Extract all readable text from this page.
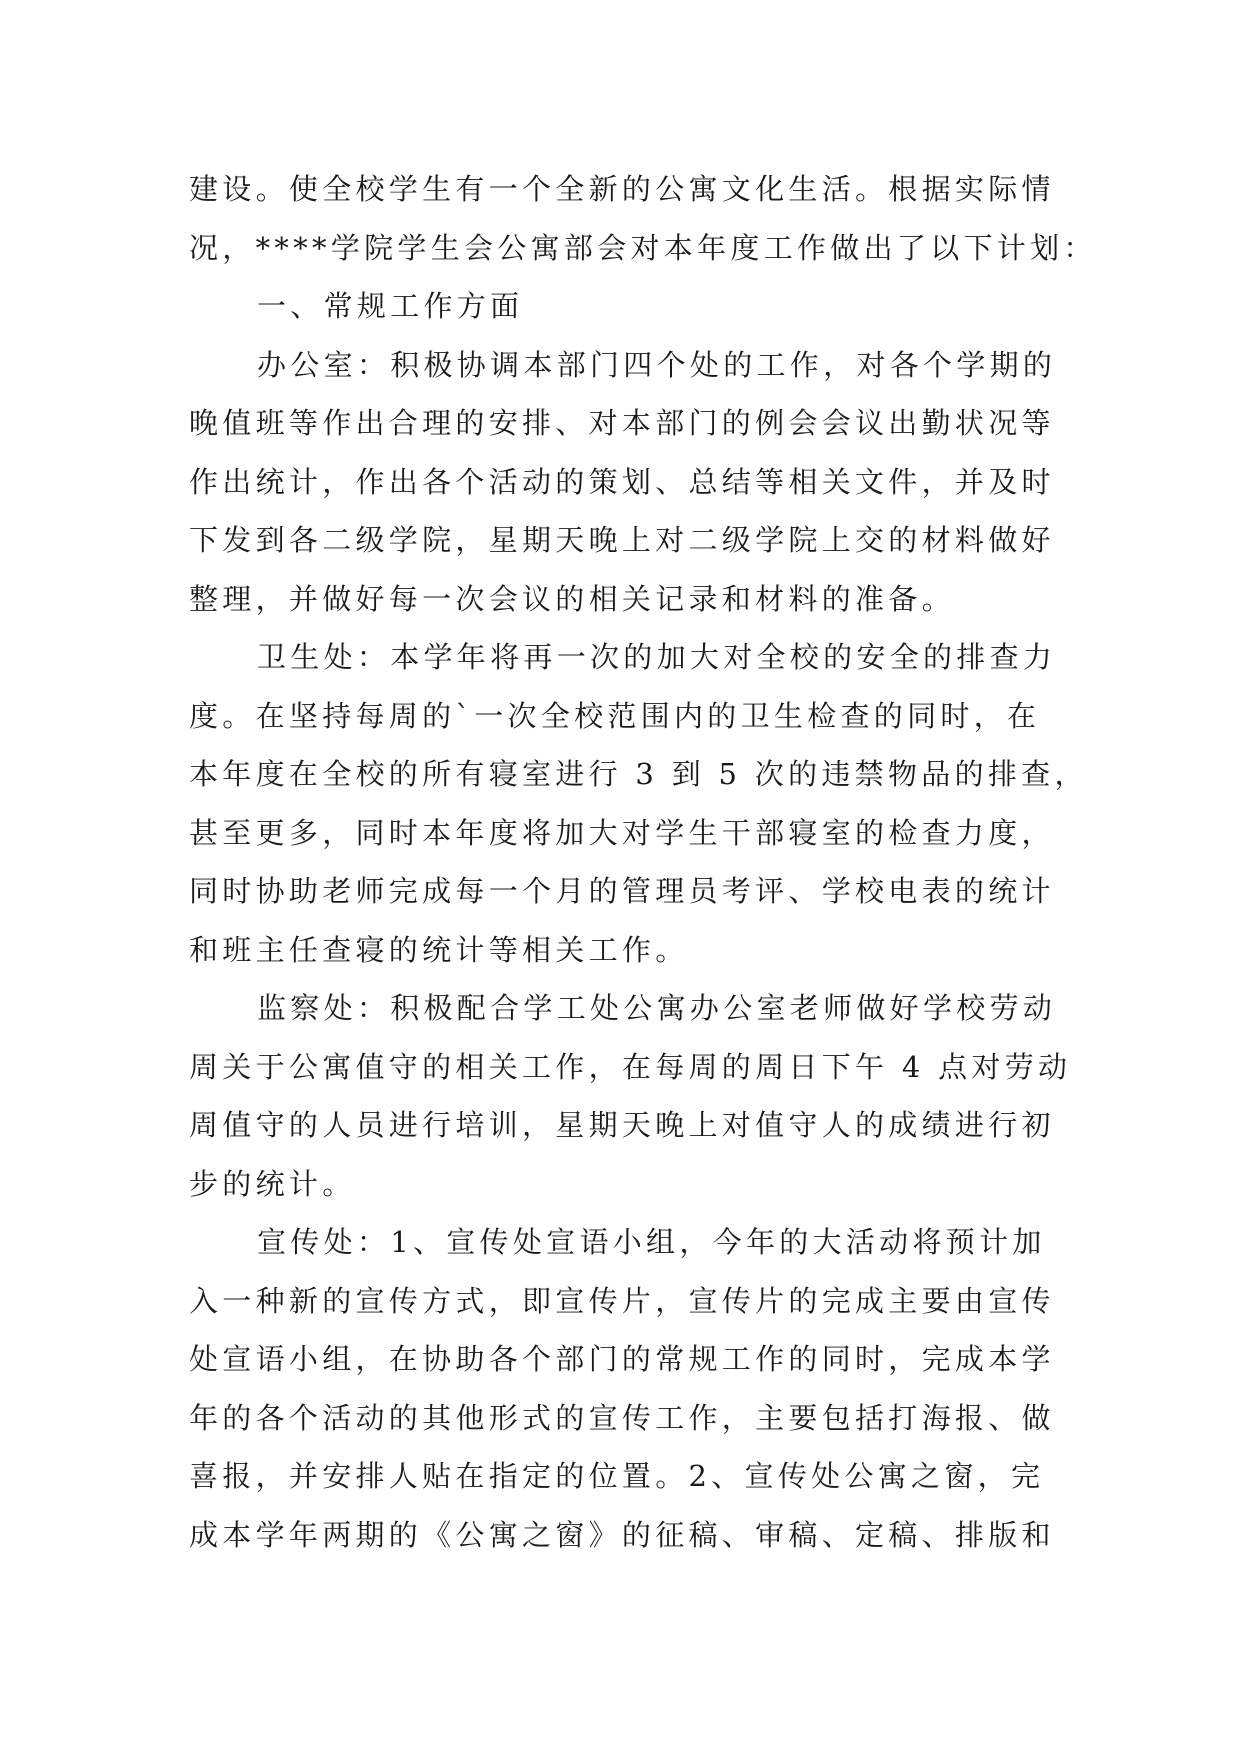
建设。使全校学生有一个全新的公寓文化生活。根据实际情
况，****学院学生会公寓部会对本年度工作做出了以下计划：
一、常规工作方面
办公室：积极协调本部门四个处的工作，对各个学期的
晚值班等作出合理的安排、对本部门的例会会议出勤状况等
作出统计，作出各个活动的策划、总结等相关文件，并及时
下发到各二级学院，星期天晚上对二级学院上交的材料做好
整理，并做好每一次会议的相关记录和材料的准备。
卫生处：本学年将再一次的加大对全校的安全的排查力
度。在坚持每周的`一次全校范围内的卫生检查的同时，在
本年度在全校的所有寝室进行 3 到 5 次的违禁物品的排查，
甚至更多，同时本年度将加大对学生干部寝室的检查力度，
同时协助老师完成每一个月的管理员考评、学校电表的统计
和班主任查寝的统计等相关工作。
监察处：积极配合学工处公寓办公室老师做好学校劳动
周关于公寓值守的相关工作，在每周的周日下午 4 点对劳动
周值守的人员进行培训，星期天晚上对值守人的成绩进行初
步的统计。
宣传处：1、宣传处宣语小组，今年的大活动将预计加
入一种新的宣传方式，即宣传片，宣传片的完成主要由宣传
处宣语小组，在协助各个部门的常规工作的同时，完成本学
年的各个活动的其他形式的宣传工作，主要包括打海报、做
喜报，并安排人贴在指定的位置。2、宣传处公寓之窗，完
成本学年两期的《公寓之窗》的征稿、审稿、定稿、排版和
